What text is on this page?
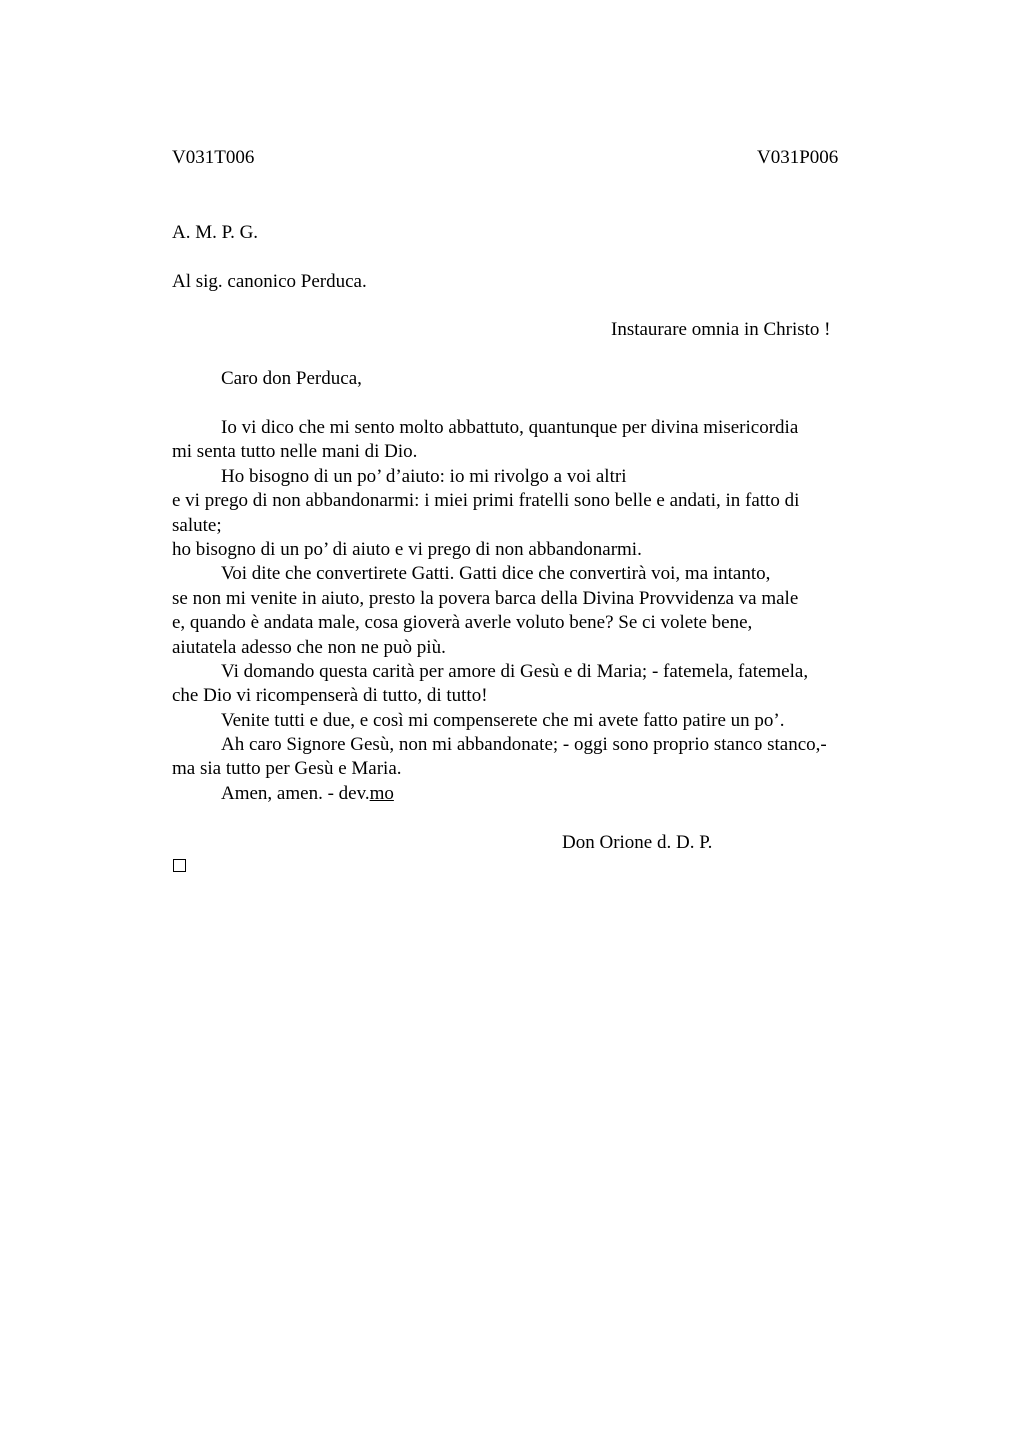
V031T006	V031P006
A. M. P. G.
Al sig. canonico Perduca.
Instaurare omnia in Christo !
Caro don Perduca,
Io vi dico che mi sento molto abbattuto, quantunque per divina misericordia
mi senta tutto nelle mani di Dio.
Ho bisogno di un po’ d’aiuto: io mi rivolgo a voi altri
e vi prego di non abbandonarmi: i miei primi fratelli sono belle e andati, in fatto di
salute;
ho bisogno di un po’ di aiuto e vi prego di non abbandonarmi.
Voi dite che convertirete Gatti. Gatti dice che convertirà voi, ma intanto,
se non mi venite in aiuto, presto la povera barca della Divina Provvidenza va male
e, quando è andata male, cosa gioverà averle voluto bene? Se ci volete bene,
aiutatela adesso che non ne può più.
Vi domando questa carità per amore di Gesù e di Maria; - fatemela, fatemela,
che Dio vi ricompenserà di tutto, di tutto!
Venite tutti e due, e così mi compenserete che mi avete fatto patire un po’.
Ah caro Signore Gesù, non mi abbandonate; - oggi sono proprio stanco stanco,-
ma sia tutto per Gesù e Maria.
Amen, amen. - dev.mo
Don Orione d. D. P.
